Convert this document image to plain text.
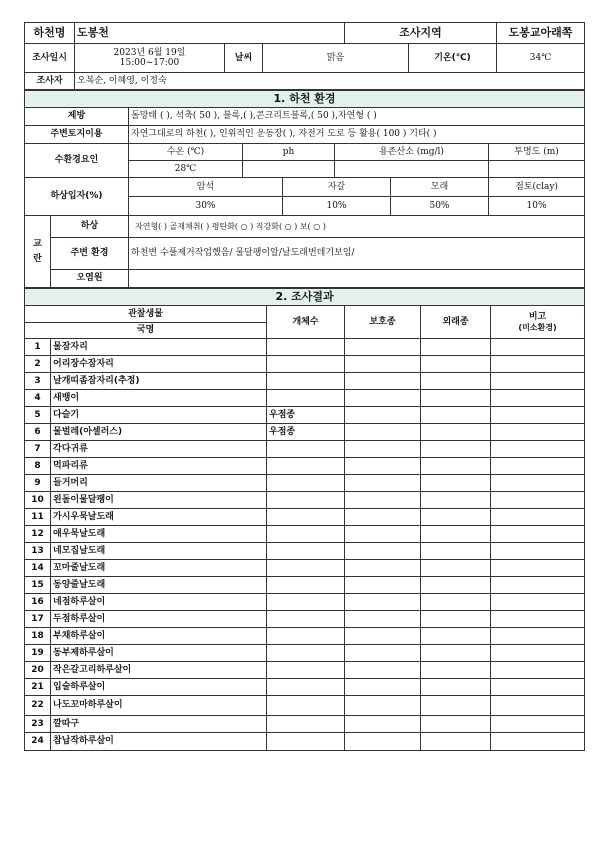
하천명	도봉천			조사지역		도봉교아래쪽
조사일시	2023년 6월 19일
15:00~17:00	날씨	맑음		기온(℃)	34℃
조사자	오복순, 이혜영, 이정숙					
1. 하천 환경							
제방		돌망태 ( ), 석축( 50 ), 블록,( ),콘크리트블록,( 50 ),자연형 ( )					
주변토지이용		자연그대로의 하천( ), 인위적인 운동장( ), 자전거 도로 등 활용( 100 ) 기타( )					
수환경요인		수온 (℃)	ph		용존산소 (mg/l)		투명도 (m)
		28℃					
하상입자(%)		암석		자갈		모래	점토(clay)
		30%		10%		50%	10%
교란	하상	자연형( ) 골재채취( ) 평탄화( ○ ) 직강화( ○ ) 보( ○ )					
	주변 환경	하천변 수풀제거작업했음/ 물달팽이알/날도래번데기보임/					
	오염원						
2. 조사결과					
관찰생물		개체수	보호종	외래종	비고
(미소환경)

국명					
1	물잠자리				
2	어리장수잠자리				
3	날개띠좀잠자리(추정)				
4	새뱅이				
5	다슬기	우점종			
6	물벌레(아셀러스)	우점종			
7	각다귀류				
8	먹파리류				
9	들거머리				
10	왼돌이물달팽이				
11	가시우묵날도래				
12	애우묵날도래				
13	네모집날도래				
14	꼬마줄날도래				
15	동양줄날도래				
16	네점하루살이				
17	두점하루살이				
18	부채하루살이				
19	동부제하루살이				
20	작은갈고리하루살이				
21	입술하루살이				
22	나도꼬마하루살이				
23	깔따구				
24	참납작하루살이				
